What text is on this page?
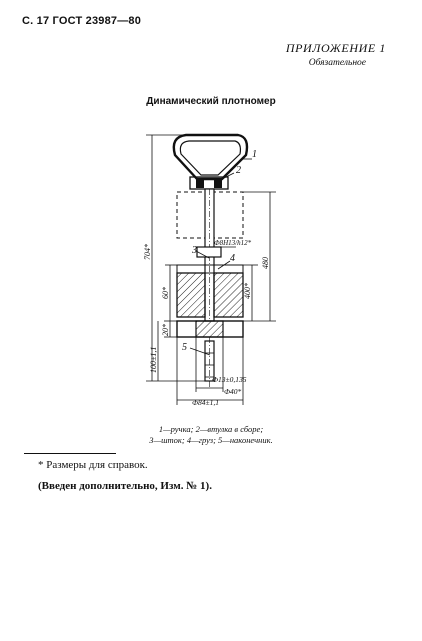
С. 17 ГОСТ 23987—80
ПРИЛОЖЕНИЕ 1
Обязательное
Динамический плотномер
1
2
3
4
5
704*
60*
20*
100±1,1
480
400*
Ф8H13/h12*
Ф13±0,135
Ф40*
Ф84±1,1
1—ручка; 2—втулка в сборе;
3—шток; 4—груз; 5—наконечник.
* Размеры для справок.
(Введен дополнительно, Изм. № 1).
